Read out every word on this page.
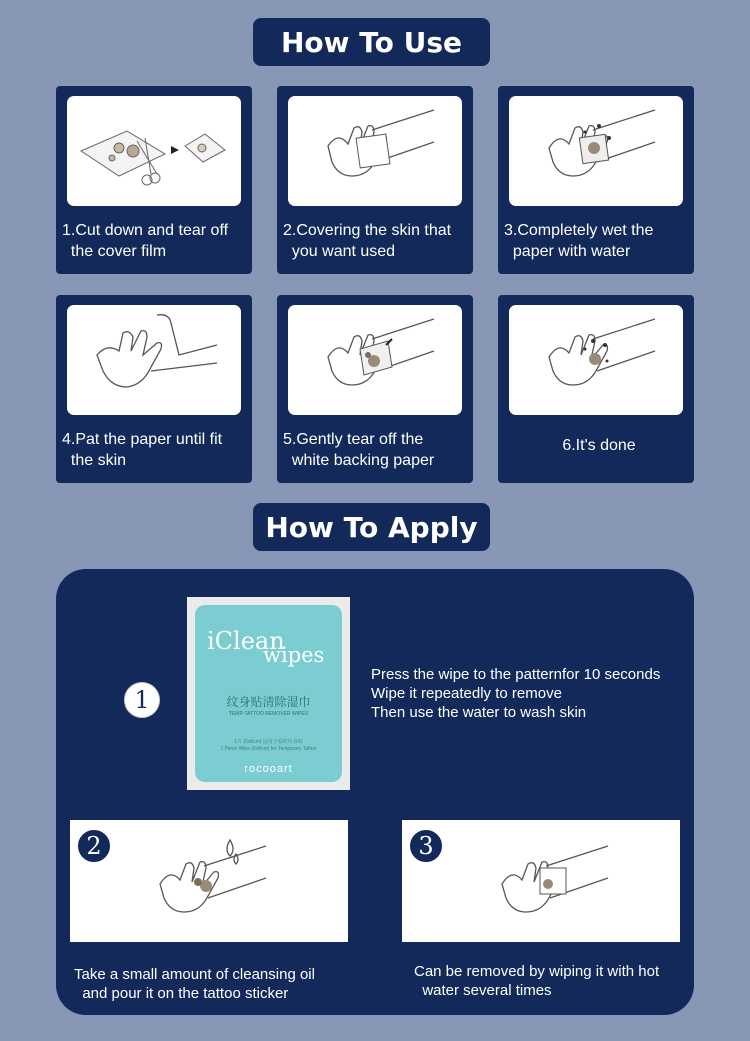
How To Use
1.Cut down and tear off
the cover film
2.Covering the skin that
you want used
3.Completely wet the
paper with water
4.Pat the paper until fit
the skin
5.Gently tear off the
white backing paper
6.It's done
How To Apply
iClean
wipes
纹身贴清除湿巾
TEMP-TATTOO REMOVER WIPES
1片 (6x8cm) 适用于临时纹身贴
1 Piece Wipe (6x8cm) for Temporary Tattoo
rocooart
1
Press the wipe to the patternfor 10 seconds
Wipe it repeatedly to remove
Then use the water to wash skin
2
Take a small amount of cleansing oil
and pour it on the tattoo sticker
3
Can be removed by wiping it with hot
water several times
